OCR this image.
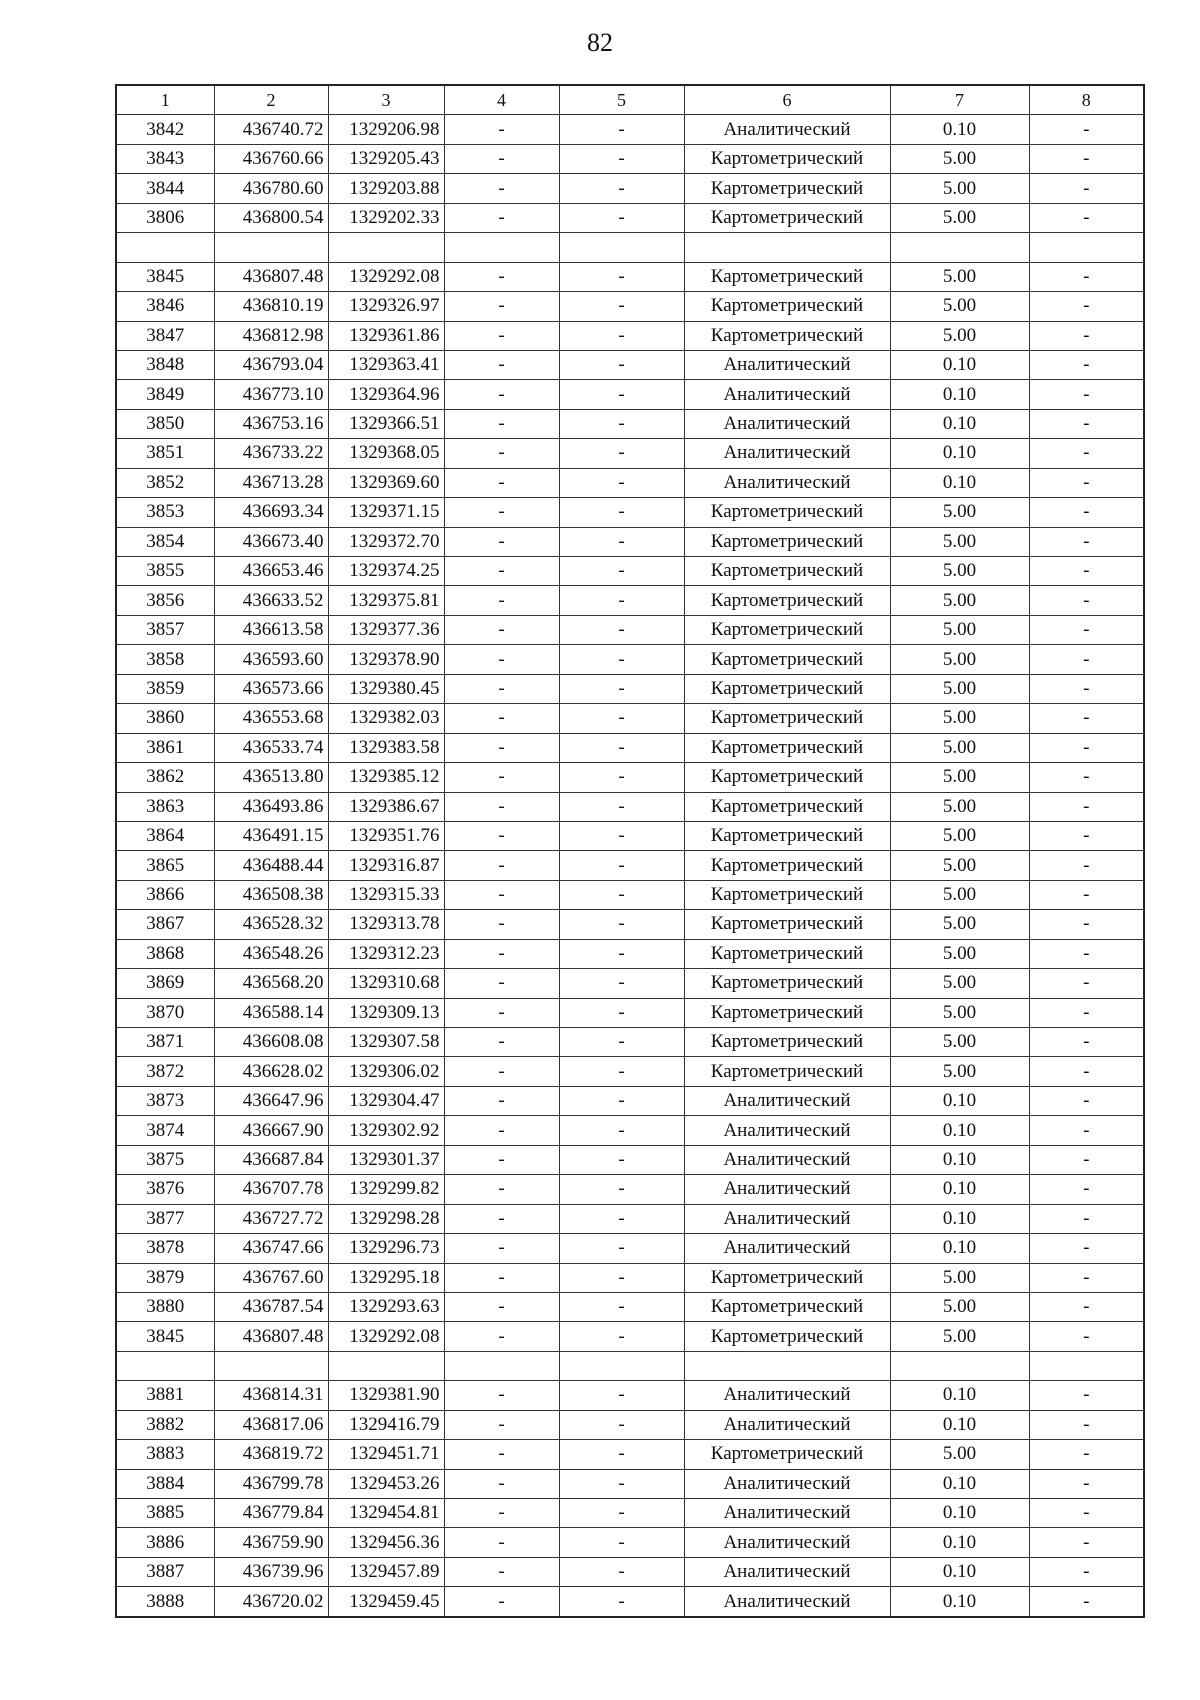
82
1	2	3	4	5	6	7	8
3842	436740.72	1329206.98	-	-	Аналитический	0.10	-
3843	436760.66	1329205.43	-	-	Картометрический	5.00	-
3844	436780.60	1329203.88	-	-	Картометрический	5.00	-
3806	436800.54	1329202.33	-	-	Картометрический	5.00	-

3845	436807.48	1329292.08	-	-	Картометрический	5.00	-
3846	436810.19	1329326.97	-	-	Картометрический	5.00	-
3847	436812.98	1329361.86	-	-	Картометрический	5.00	-
3848	436793.04	1329363.41	-	-	Аналитический	0.10	-
3849	436773.10	1329364.96	-	-	Аналитический	0.10	-
3850	436753.16	1329366.51	-	-	Аналитический	0.10	-
3851	436733.22	1329368.05	-	-	Аналитический	0.10	-
3852	436713.28	1329369.60	-	-	Аналитический	0.10	-
3853	436693.34	1329371.15	-	-	Картометрический	5.00	-
3854	436673.40	1329372.70	-	-	Картометрический	5.00	-
3855	436653.46	1329374.25	-	-	Картометрический	5.00	-
3856	436633.52	1329375.81	-	-	Картометрический	5.00	-
3857	436613.58	1329377.36	-	-	Картометрический	5.00	-
3858	436593.60	1329378.90	-	-	Картометрический	5.00	-
3859	436573.66	1329380.45	-	-	Картометрический	5.00	-
3860	436553.68	1329382.03	-	-	Картометрический	5.00	-
3861	436533.74	1329383.58	-	-	Картометрический	5.00	-
3862	436513.80	1329385.12	-	-	Картометрический	5.00	-
3863	436493.86	1329386.67	-	-	Картометрический	5.00	-
3864	436491.15	1329351.76	-	-	Картометрический	5.00	-
3865	436488.44	1329316.87	-	-	Картометрический	5.00	-
3866	436508.38	1329315.33	-	-	Картометрический	5.00	-
3867	436528.32	1329313.78	-	-	Картометрический	5.00	-
3868	436548.26	1329312.23	-	-	Картометрический	5.00	-
3869	436568.20	1329310.68	-	-	Картометрический	5.00	-
3870	436588.14	1329309.13	-	-	Картометрический	5.00	-
3871	436608.08	1329307.58	-	-	Картометрический	5.00	-
3872	436628.02	1329306.02	-	-	Картометрический	5.00	-
3873	436647.96	1329304.47	-	-	Аналитический	0.10	-
3874	436667.90	1329302.92	-	-	Аналитический	0.10	-
3875	436687.84	1329301.37	-	-	Аналитический	0.10	-
3876	436707.78	1329299.82	-	-	Аналитический	0.10	-
3877	436727.72	1329298.28	-	-	Аналитический	0.10	-
3878	436747.66	1329296.73	-	-	Аналитический	0.10	-
3879	436767.60	1329295.18	-	-	Картометрический	5.00	-
3880	436787.54	1329293.63	-	-	Картометрический	5.00	-
3845	436807.48	1329292.08	-	-	Картометрический	5.00	-

3881	436814.31	1329381.90	-	-	Аналитический	0.10	-
3882	436817.06	1329416.79	-	-	Аналитический	0.10	-
3883	436819.72	1329451.71	-	-	Картометрический	5.00	-
3884	436799.78	1329453.26	-	-	Аналитический	0.10	-
3885	436779.84	1329454.81	-	-	Аналитический	0.10	-
3886	436759.90	1329456.36	-	-	Аналитический	0.10	-
3887	436739.96	1329457.89	-	-	Аналитический	0.10	-
3888	436720.02	1329459.45	-	-	Аналитический	0.10	-
